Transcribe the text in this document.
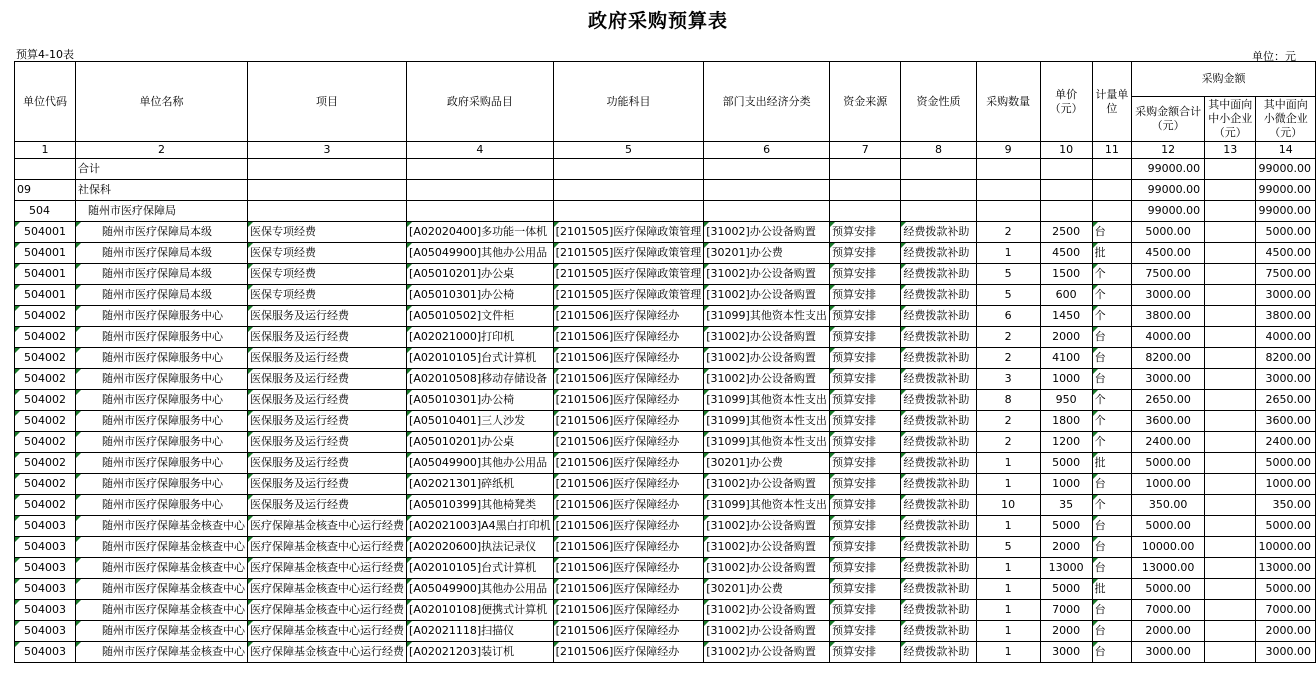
政府采购预算表
预算4-10表	单位：元
单位代码	单位名称	项目	政府采购品目	功能科目	部门支出经济分类	资金来源	资金性质	采购数量	单价（元）	计量单位	采购金额		
											采购金额合计（元）	其中面向中小企业（元）	其中面向小微企业（元）
1	2	3	4	5	6	7	8	9	10	11	12	13	14
	合计										99000.00		99000.00
09	社保科										99000.00		99000.00
504	随州市医疗保障局										99000.00		99000.00
504001	随州市医疗保障局本级	医保专项经费	[A02020400]多功能一体机	[2101505]医疗保障政策管理	[31002]办公设备购置	预算安排	经费拨款补助	2	2500	台	5000.00		5000.00
504001	随州市医疗保障局本级	医保专项经费	[A05049900]其他办公用品	[2101505]医疗保障政策管理	[30201]办公费	预算安排	经费拨款补助	1	4500	批	4500.00		4500.00
504001	随州市医疗保障局本级	医保专项经费	[A05010201]办公桌	[2101505]医疗保障政策管理	[31002]办公设备购置	预算安排	经费拨款补助	5	1500	个	7500.00		7500.00
504001	随州市医疗保障局本级	医保专项经费	[A05010301]办公椅	[2101505]医疗保障政策管理	[31002]办公设备购置	预算安排	经费拨款补助	5	600	个	3000.00		3000.00
504002	随州市医疗保障服务中心	医保服务及运行经费	[A05010502]文件柜	[2101506]医疗保障经办	[31099]其他资本性支出	预算安排	经费拨款补助	6	1450	个	3800.00		3800.00
504002	随州市医疗保障服务中心	医保服务及运行经费	[A02021000]打印机	[2101506]医疗保障经办	[31002]办公设备购置	预算安排	经费拨款补助	2	2000	台	4000.00		4000.00
504002	随州市医疗保障服务中心	医保服务及运行经费	[A02010105]台式计算机	[2101506]医疗保障经办	[31002]办公设备购置	预算安排	经费拨款补助	2	4100	台	8200.00		8200.00
504002	随州市医疗保障服务中心	医保服务及运行经费	[A02010508]移动存储设备	[2101506]医疗保障经办	[31002]办公设备购置	预算安排	经费拨款补助	3	1000	台	3000.00		3000.00
504002	随州市医疗保障服务中心	医保服务及运行经费	[A05010301]办公椅	[2101506]医疗保障经办	[31099]其他资本性支出	预算安排	经费拨款补助	8	950	个	2650.00		2650.00
504002	随州市医疗保障服务中心	医保服务及运行经费	[A05010401]三人沙发	[2101506]医疗保障经办	[31099]其他资本性支出	预算安排	经费拨款补助	2	1800	个	3600.00		3600.00
504002	随州市医疗保障服务中心	医保服务及运行经费	[A05010201]办公桌	[2101506]医疗保障经办	[31099]其他资本性支出	预算安排	经费拨款补助	2	1200	个	2400.00		2400.00
504002	随州市医疗保障服务中心	医保服务及运行经费	[A05049900]其他办公用品	[2101506]医疗保障经办	[30201]办公费	预算安排	经费拨款补助	1	5000	批	5000.00		5000.00
504002	随州市医疗保障服务中心	医保服务及运行经费	[A02021301]碎纸机	[2101506]医疗保障经办	[31002]办公设备购置	预算安排	经费拨款补助	1	1000	台	1000.00		1000.00
504002	随州市医疗保障服务中心	医保服务及运行经费	[A05010399]其他椅凳类	[2101506]医疗保障经办	[31099]其他资本性支出	预算安排	经费拨款补助	10	35	个	350.00		350.00
504003	随州市医疗保障基金核查中心	医疗保障基金核查中心运行经费	[A02021003]A4黑白打印机	[2101506]医疗保障经办	[31002]办公设备购置	预算安排	经费拨款补助	1	5000	台	5000.00		5000.00
504003	随州市医疗保障基金核查中心	医疗保障基金核查中心运行经费	[A02020600]执法记录仪	[2101506]医疗保障经办	[31002]办公设备购置	预算安排	经费拨款补助	5	2000	台	10000.00		10000.00
504003	随州市医疗保障基金核查中心	医疗保障基金核查中心运行经费	[A02010105]台式计算机	[2101506]医疗保障经办	[31002]办公设备购置	预算安排	经费拨款补助	1	13000	台	13000.00		13000.00
504003	随州市医疗保障基金核查中心	医疗保障基金核查中心运行经费	[A05049900]其他办公用品	[2101506]医疗保障经办	[30201]办公费	预算安排	经费拨款补助	1	5000	批	5000.00		5000.00
504003	随州市医疗保障基金核查中心	医疗保障基金核查中心运行经费	[A02010108]便携式计算机	[2101506]医疗保障经办	[31002]办公设备购置	预算安排	经费拨款补助	1	7000	台	7000.00		7000.00
504003	随州市医疗保障基金核查中心	医疗保障基金核查中心运行经费	[A02021118]扫描仪	[2101506]医疗保障经办	[31002]办公设备购置	预算安排	经费拨款补助	1	2000	台	2000.00		2000.00
504003	随州市医疗保障基金核查中心	医疗保障基金核查中心运行经费	[A02021203]装订机	[2101506]医疗保障经办	[31002]办公设备购置	预算安排	经费拨款补助	1	3000	台	3000.00		3000.00
